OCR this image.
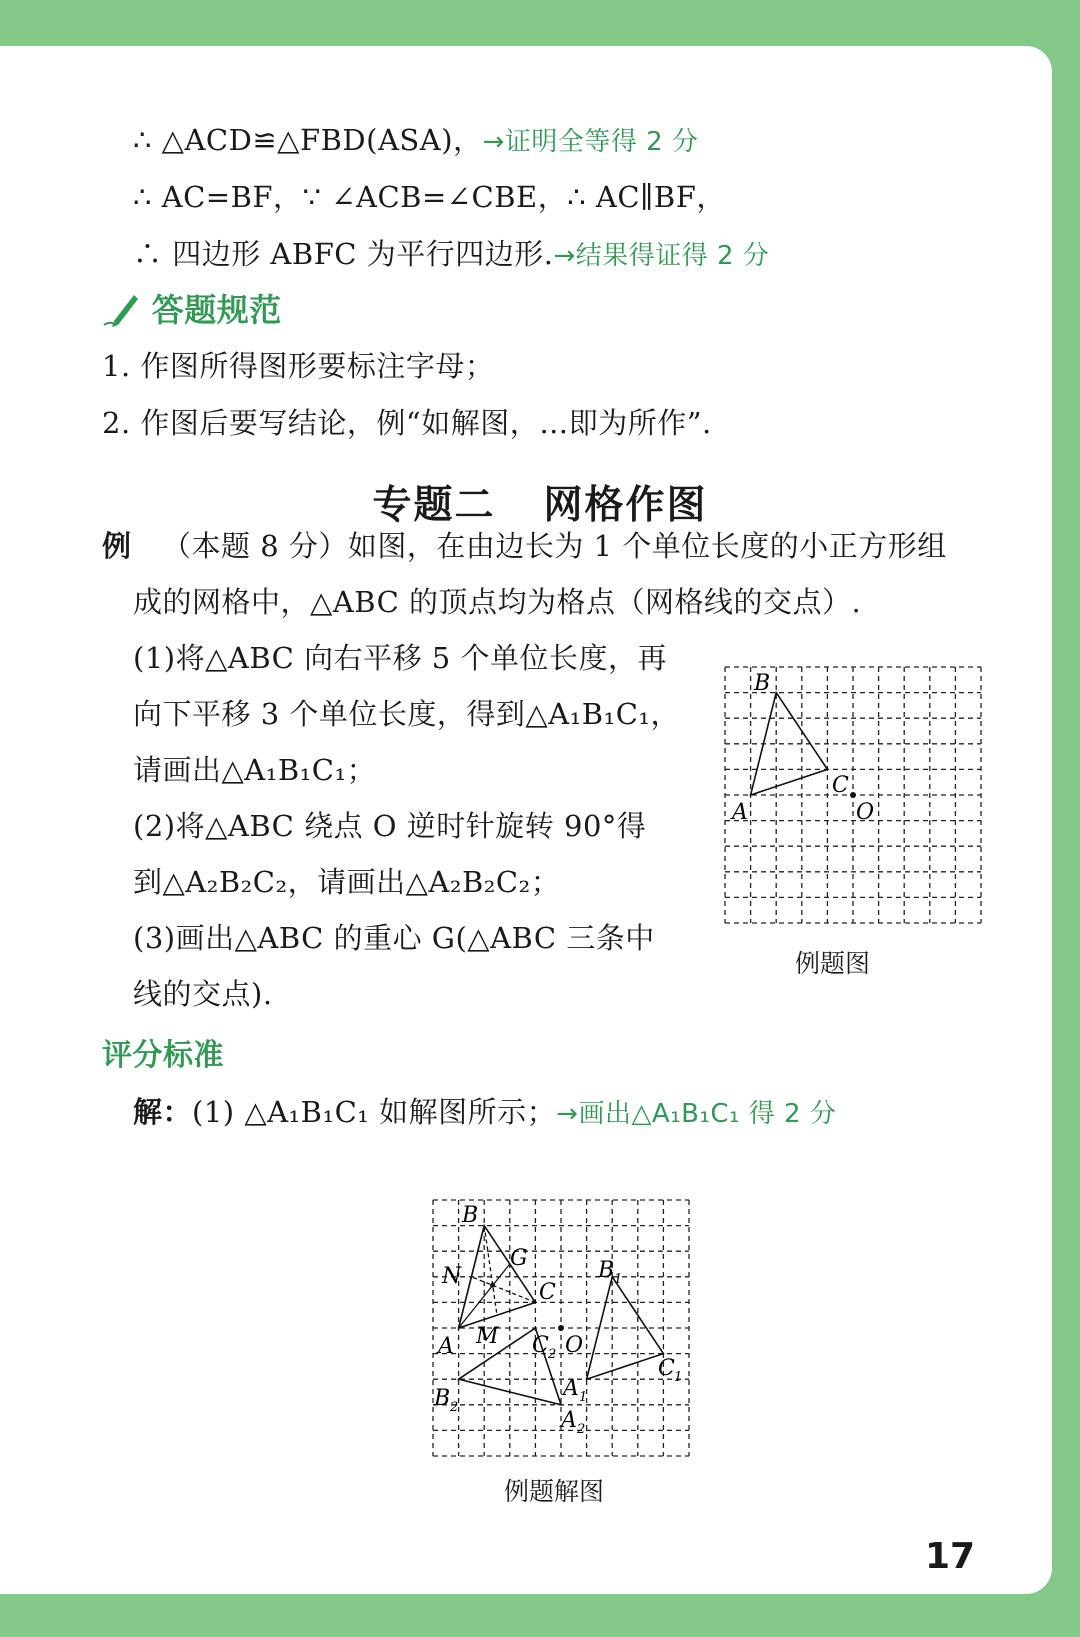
∴ △ACD≌△FBD(ASA)，→证明全等得 2 分
∴ AC=BF，∵ ∠ACB=∠CBE，∴ AC∥BF，
∴ 四边形 ABFC 为平行四边形.→结果得证得 2 分
答题规范
1. 作图所得图形要标注字母；
2. 作图后要写结论，例“如解图，…即为所作”.
专题二 网格作图
例 （本题 8 分）如图，在由边长为 1 个单位长度的小正方形组
成的网格中，△ABC 的顶点均为格点（网格线的交点）.
(1)将△ABC 向右平移 5 个单位长度，再
向下平移 3 个单位长度，得到△A₁B₁C₁，
请画出△A₁B₁C₁；
(2)将△ABC 绕点 O 逆时针旋转 90°得
到△A₂B₂C₂，请画出△A₂B₂C₂；
(3)画出△ABC 的重心 G(△ABC 三条中
线的交点).
B
A
C
O
例题图
评分标准
解：(1) △A₁B₁C₁ 如解图所示；→画出△A₁B₁C₁ 得 2 分
B
A
C
G
N
M	O
B 1
A 1
C 1
C 2
B 2
A 2
例题解图
17
